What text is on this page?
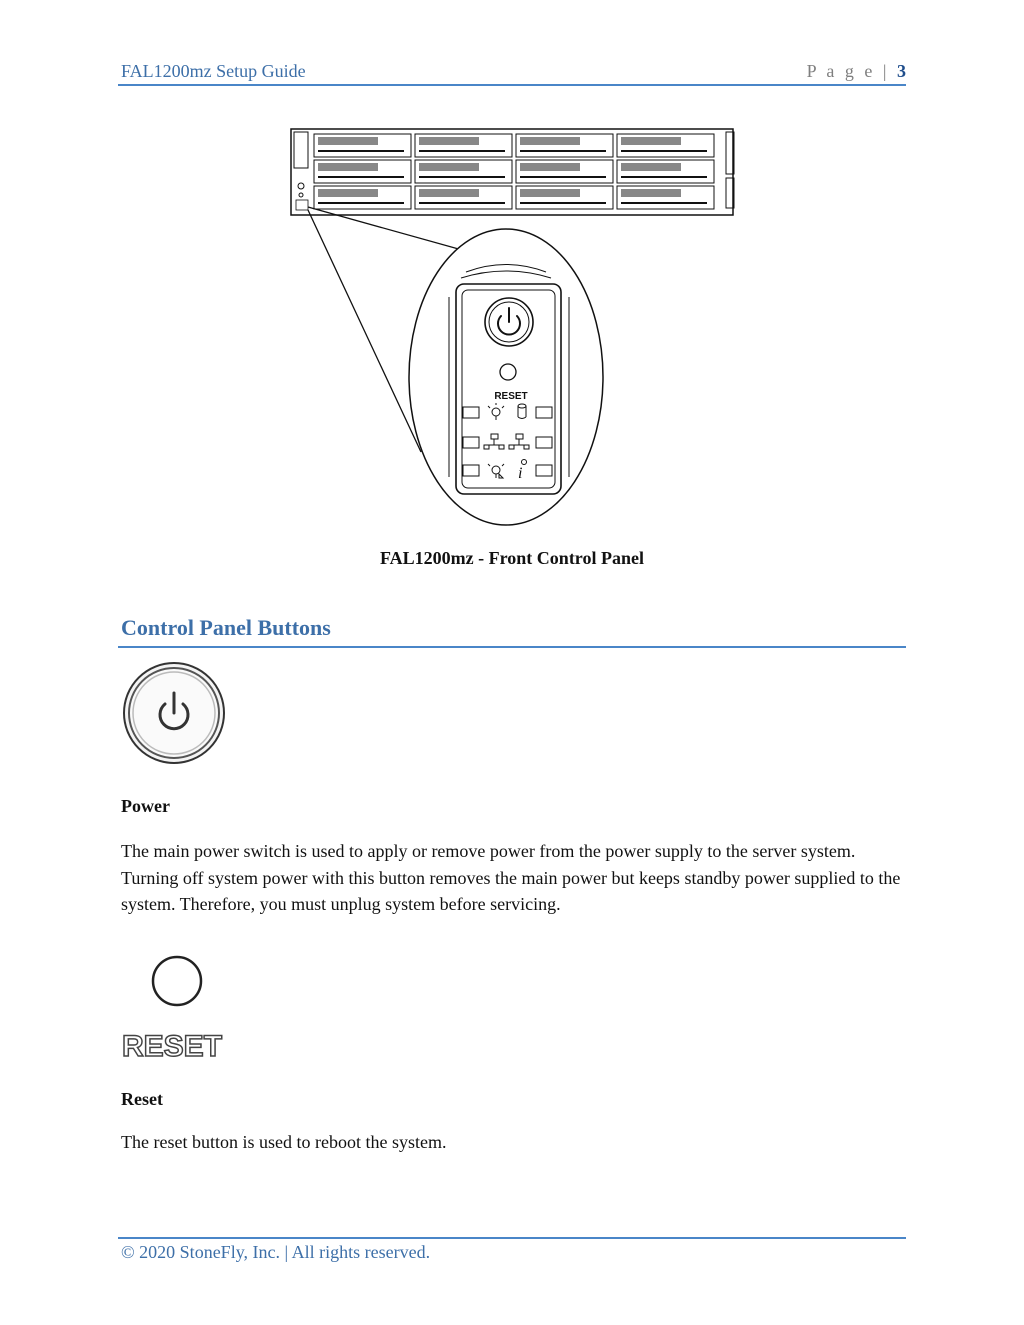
FAL1200mz Setup Guide	P a g e | 3
RESET
i
FAL1200mz - Front Control Panel
Control Panel Buttons
Power
The main power switch is used to apply or remove power from the power supply to the server system. Turning off system power with this button removes the main power but keeps standby power supplied to the system. Therefore, you must unplug system before servicing.
RESET
Reset
The reset button is used to reboot the system.
© 2020 StoneFly, Inc. | All rights reserved.
